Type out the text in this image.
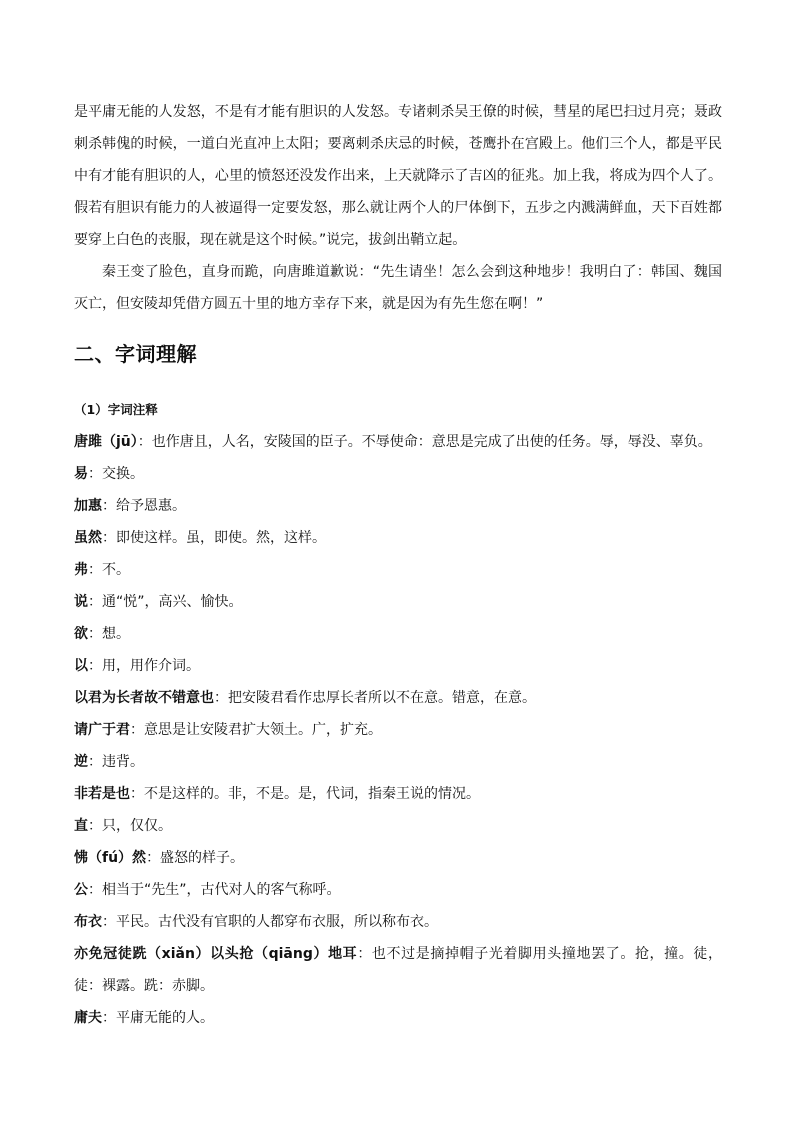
是平庸无能的人发怒，不是有才能有胆识的人发怒。专诸刺杀吴王僚的时候，彗星的尾巴扫过月亮；聂政刺杀韩傀的时候，一道白光直冲上太阳；要离刺杀庆忌的时候，苍鹰扑在宫殿上。他们三个人，都是平民中有才能有胆识的人，心里的愤怒还没发作出来，上天就降示了吉凶的征兆。加上我，将成为四个人了。假若有胆识有能力的人被逼得一定要发怒，那么就让两个人的尸体倒下，五步之内溅满鲜血，天下百姓都要穿上白色的丧服，现在就是这个时候。”说完，拔剑出鞘立起。

秦王变了脸色，直身而跪，向唐雎道歉说：“先生请坐！怎么会到这种地步！我明白了：韩国、魏国灭亡，但安陵却凭借方圆五十里的地方幸存下来，就是因为有先生您在啊！”

二、字词理解

（1）字词注释

唐雎（jū）：也作唐且，人名，安陵国的臣子。不辱使命：意思是完成了出使的任务。辱，辱没、辜负。

易：交换。

加惠：给予恩惠。

虽然：即使这样。虽，即使。然，这样。

弗：不。

说：通“悦”，高兴、愉快。

欲：想。

以：用，用作介词。

以君为长者故不错意也：把安陵君看作忠厚长者所以不在意。错意，在意。

请广于君：意思是让安陵君扩大领土。广，扩充。

逆：违背。

非若是也：不是这样的。非，不是。是，代词，指秦王说的情况。

直：只，仅仅。

怫（fú）然：盛怒的样子。

公：相当于“先生”，古代对人的客气称呼。

布衣：平民。古代没有官职的人都穿布衣服，所以称布衣。

亦免冠徒跣（xiǎn）以头抢（qiāng）地耳：也不过是摘掉帽子光着脚用头撞地罢了。抢，撞。徒，徒：裸露。跣：赤脚。

庸夫：平庸无能的人。
